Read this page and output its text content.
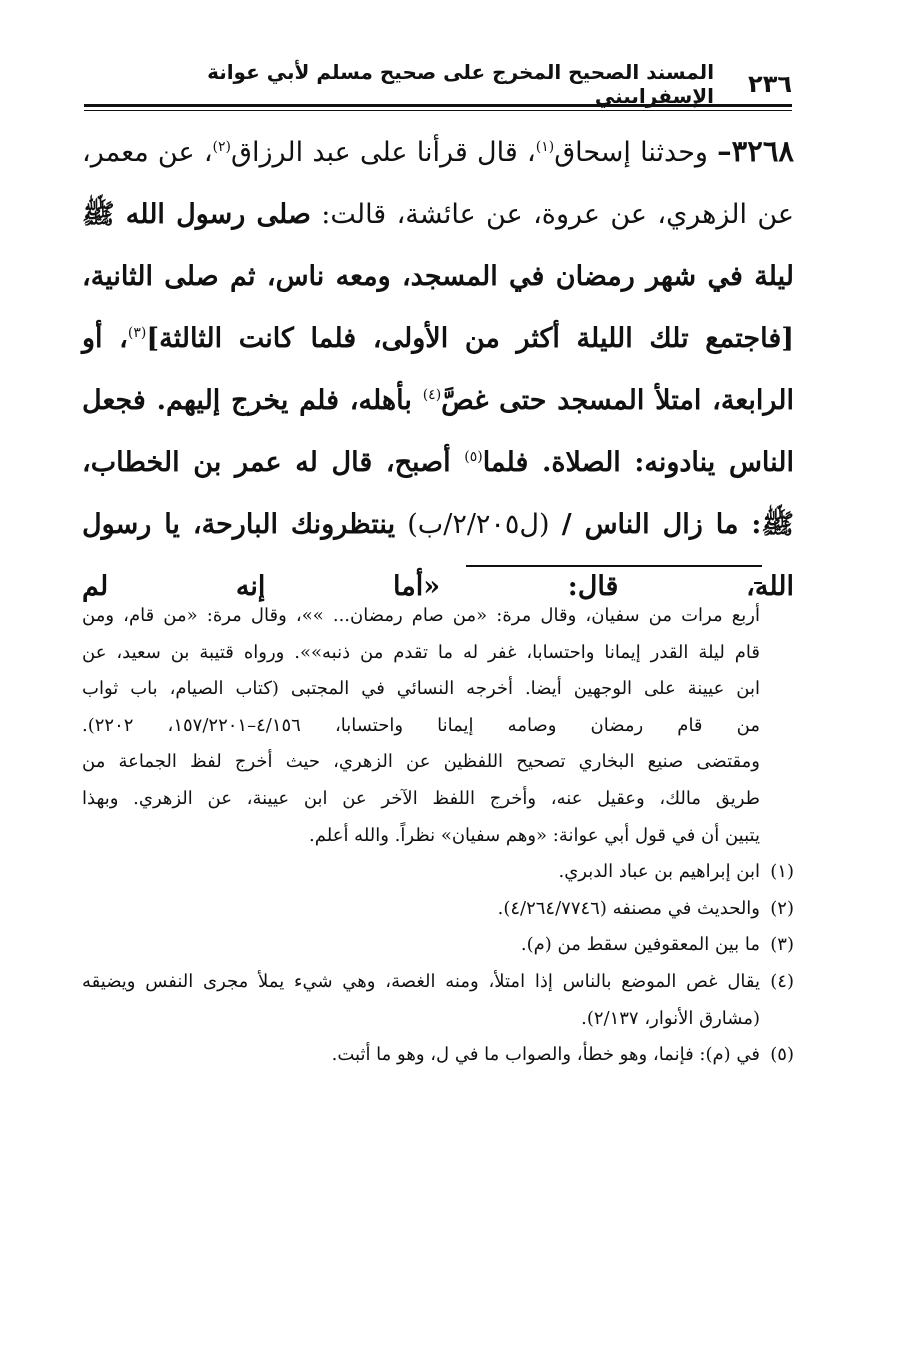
٢٣٦
المسند الصحيح المخرج على صحيح مسلم لأبي عوانة الإسفراييني

٣٢٦٨– وحدثنا إسحاق$^{(١)}$، قال قرأنا على عبد الرزاق$^{(٢)}$، عن معمر، عن الزهري، عن عروة، عن عائشة، قالت: صلى رسول الله ﷺ ليلة في شهر رمضان في المسجد، ومعه ناس، ثم صلى الثانية، [فاجتمع تلك الليلة أكثر من الأولى، فلما كانت الثالثة]$^{(٣)}$، أو الرابعة، امتلأ المسجد حتى غصَّ$^{(٤)}$ بأهله، فلم يخرج إليهم. فجعل الناس ينادونه: الصلاة. فلما$^{(٥)}$ أصبح، قال له عمر بن الخطاب، ﷺ: ما زال الناس / (ل٢/٢٠٥/ب) ينتظرونك البارحة، يا رسول الله، قال: «أما إنه لم

أربع مرات من سفيان، وقال مرة: «من صام رمضان... »»، وقال مرة: «من قام، ومن
قام ليلة القدر إيمانا واحتسابا، غفر له ما تقدم من ذنبه»». ورواه قتيبة بن سعيد، عن
ابن عيينة على الوجهين أيضا. أخرجه النسائي في المجتبى (كتاب الصيام، باب ثواب
من قام رمضان وصامه إيمانا واحتسابا، ٤/١٥٦–١٥٧/٢٢٠١، ٢٢٠٢).
ومقتضى صنيع البخاري تصحيح اللفظين عن الزهري، حيث أخرج لفظ الجماعة من
طريق مالك، وعقيل عنه، وأخرج اللفظ الآخر عن ابن عيينة، عن الزهري. وبهذا
يتبين أن في قول أبي عوانة: «وهم سفيان» نظراً. والله أعلم.
(١)
ابن إبراهيم بن عباد الدبري.
(٢)
والحديث في مصنفه (٤/٢٦٤/٧٧٤٦).
(٣)
ما بين المعقوفين سقط من (م).
(٤)
يقال غص الموضع بالناس إذا امتلأ، ومنه الغصة، وهي شيء يملأ مجرى النفس ويضيقه (مشارق الأنوار، ٢/١٣٧).
(٥)
في (م): فإنما، وهو خطأ، والصواب ما في ل، وهو ما أثبت.
